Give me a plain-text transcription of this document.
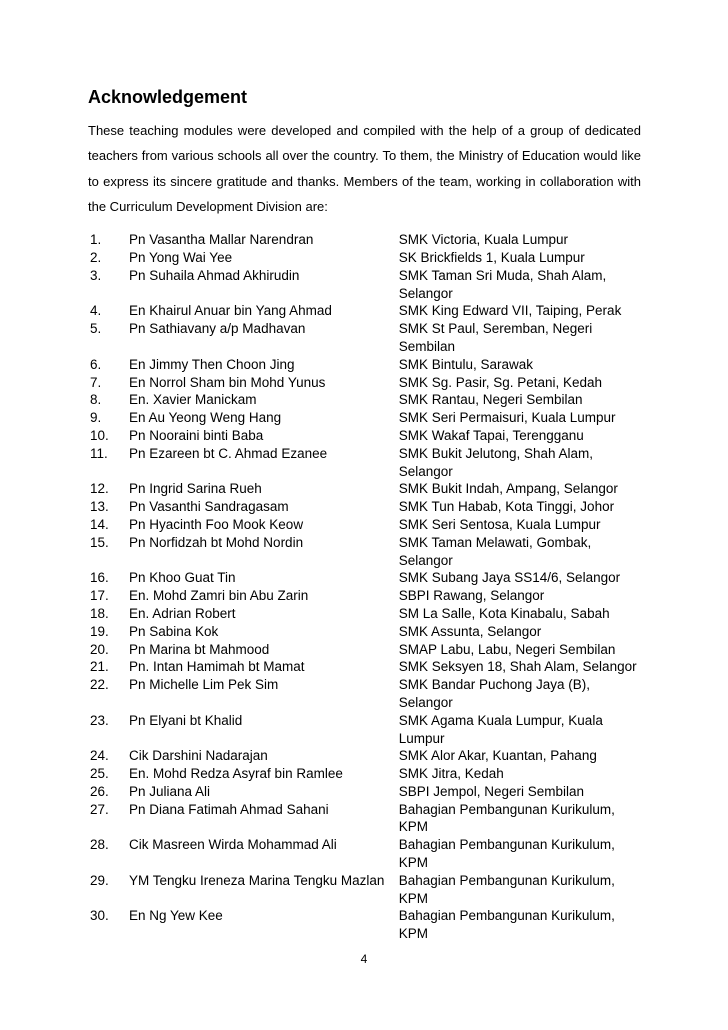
Acknowledgement

These teaching modules were developed and compiled with the help of a group of dedicated teachers from various schools all over the country. To them, the Ministry of Education would like to express its sincere gratitude and thanks. Members of the team, working in collaboration with the Curriculum Development Division are:

1.	Pn Vasantha Mallar Narendran	SMK Victoria, Kuala Lumpur
2.	Pn Yong Wai Yee	SK Brickfields 1, Kuala Lumpur
3.	Pn Suhaila Ahmad Akhirudin	SMK Taman Sri Muda, Shah Alam, Selangor
4.	En Khairul Anuar bin Yang Ahmad	SMK King Edward VII, Taiping, Perak
5.	Pn Sathiavany a/p Madhavan	SMK St Paul, Seremban, Negeri Sembilan
6.	En Jimmy Then Choon Jing	SMK Bintulu, Sarawak
7.	En Norrol Sham bin Mohd Yunus	SMK Sg. Pasir, Sg. Petani, Kedah
8.	En. Xavier Manickam	SMK Rantau, Negeri Sembilan
9.	En Au Yeong Weng Hang	SMK Seri Permaisuri, Kuala Lumpur
10.	Pn Nooraini binti Baba	SMK Wakaf Tapai, Terengganu
11.	Pn Ezareen bt C. Ahmad Ezanee	SMK Bukit Jelutong, Shah Alam, Selangor
12.	Pn Ingrid Sarina Rueh	SMK Bukit Indah, Ampang, Selangor
13.	Pn Vasanthi Sandragasam	SMK Tun Habab, Kota Tinggi, Johor
14.	Pn Hyacinth Foo Mook Keow	SMK Seri Sentosa, Kuala Lumpur
15.	Pn Norfidzah bt Mohd Nordin	SMK Taman Melawati, Gombak, Selangor
16.	Pn Khoo Guat Tin	SMK Subang Jaya SS14/6, Selangor
17.	En. Mohd Zamri bin Abu Zarin	SBPI Rawang, Selangor
18.	En. Adrian Robert	SM La Salle, Kota Kinabalu, Sabah
19.	Pn Sabina Kok	SMK Assunta, Selangor
20.	Pn Marina bt Mahmood	SMAP Labu, Labu, Negeri Sembilan
21.	Pn. Intan Hamimah bt Mamat	SMK Seksyen 18, Shah Alam, Selangor
22.	Pn Michelle Lim Pek Sim	SMK Bandar Puchong Jaya (B), Selangor
23.	Pn Elyani bt Khalid	SMK Agama Kuala Lumpur, Kuala Lumpur
24.	Cik Darshini Nadarajan	SMK Alor Akar, Kuantan, Pahang
25.	En. Mohd Redza Asyraf bin Ramlee	SMK Jitra, Kedah
26.	Pn Juliana Ali	SBPI Jempol, Negeri Sembilan
27.	Pn Diana Fatimah Ahmad Sahani	Bahagian Pembangunan Kurikulum, KPM
28.	Cik Masreen Wirda Mohammad Ali	Bahagian Pembangunan Kurikulum, KPM
29.	YM Tengku Ireneza Marina Tengku Mazlan	Bahagian Pembangunan Kurikulum, KPM
30.	En Ng Yew Kee	Bahagian Pembangunan Kurikulum, KPM
4
